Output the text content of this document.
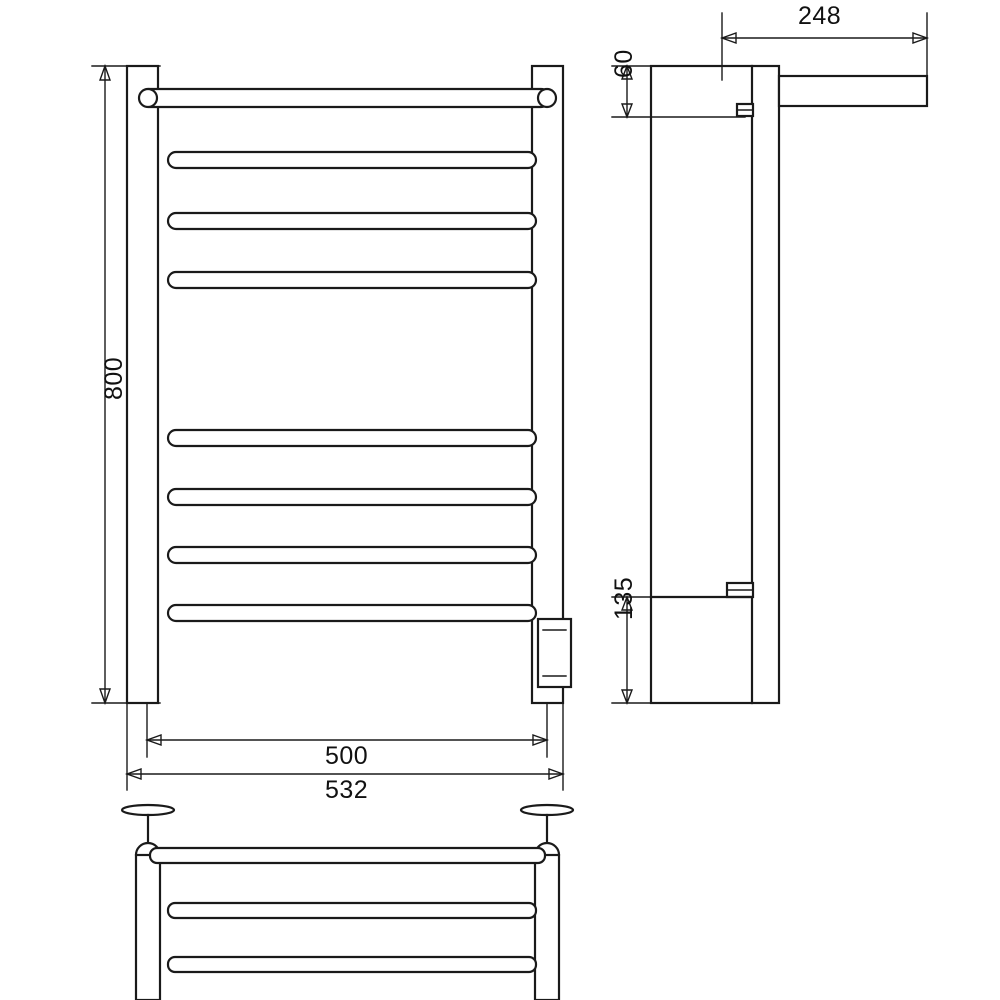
800
500
532
248
60
135
